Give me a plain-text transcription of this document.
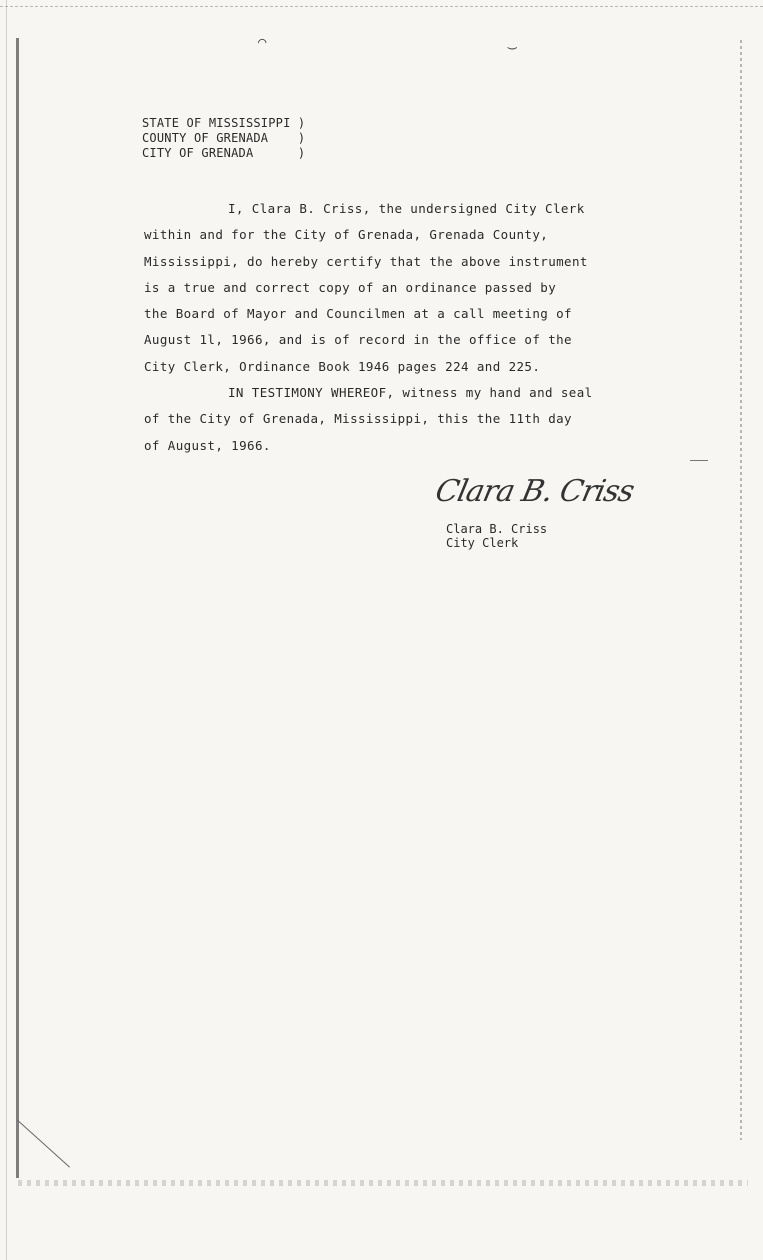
⌒	‿
STATE OF MISSISSIPPI )
COUNTY OF GRENADA    )
CITY OF GRENADA      )
I, Clara B. Criss, the undersigned City Clerk
within and for the City of Grenada, Grenada County,
Mississippi, do hereby certify that the above instrument
is a true and correct copy of an ordinance passed by
the Board of Mayor and Councilmen at a call meeting of
August 1l, 1966, and is of record in the office of the
City Clerk, Ordinance Book 1946 pages 224 and 225.
IN TESTIMONY WHEREOF, witness my hand and seal
of the City of Grenada, Mississippi, this the 11th day
of August, 1966.
Clara B. Criss
Clara B. Criss
City Clerk
